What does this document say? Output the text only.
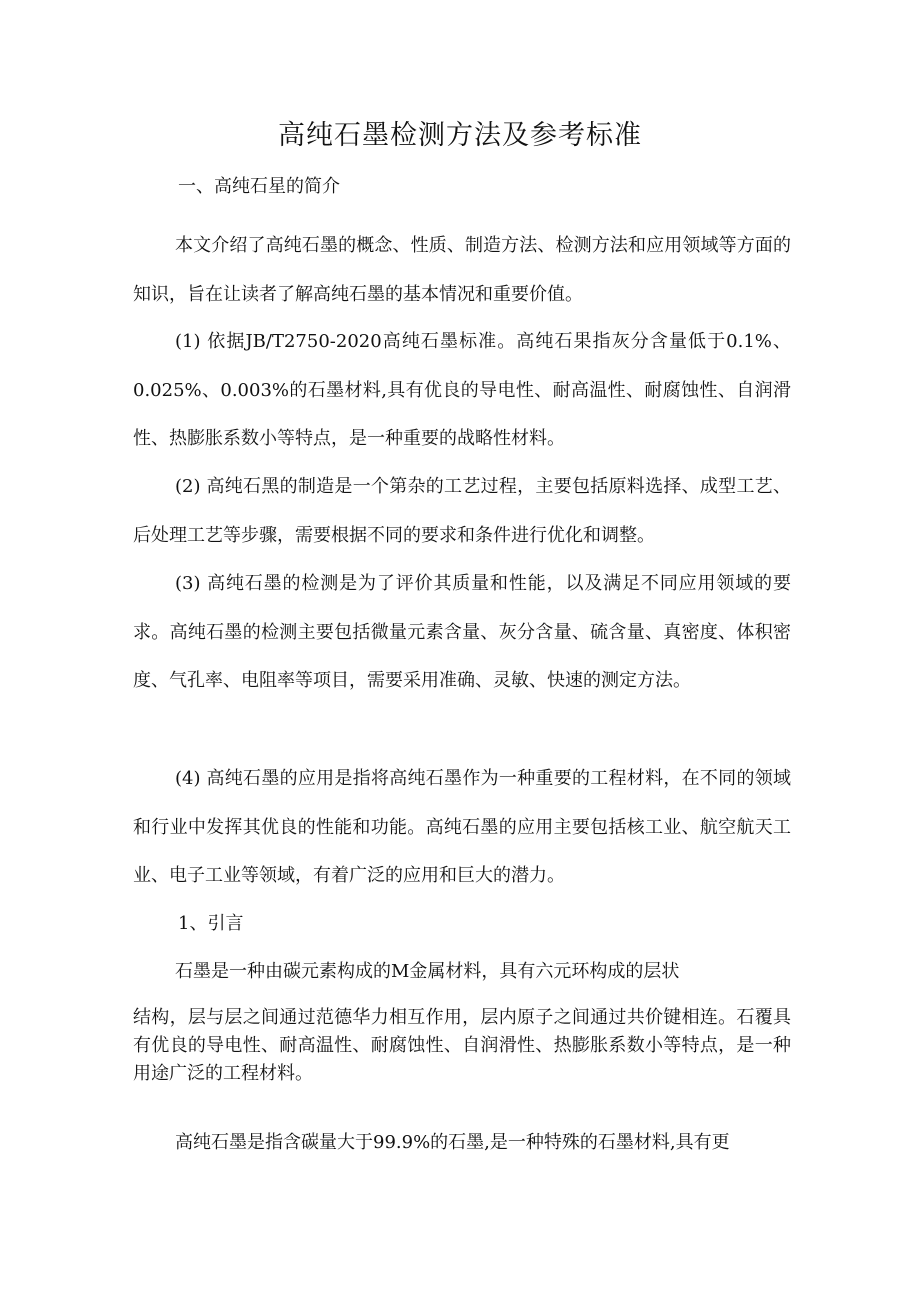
高纯石墨检测方法及参考标准
一、高纯石星的简介

本文介绍了高纯石墨的概念、性质、制造方法、检测方法和应用领域等方面的知识，旨在让读者了解高纯石墨的基本情况和重要价值。

(1) 依据JB/T2750-2020高纯石墨标准。高纯石果指灰分含量低于0.1%、0.025%、0.003%的石墨材料,具有优良的导电性、耐高温性、耐腐蚀性、自润滑性、热膨胀系数小等特点，是一种重要的战略性材料。

(2) 高纯石黑的制造是一个第杂的工艺过程，主要包括原料选择、成型工艺、后处理工艺等步骤，需要根据不同的要求和条件进行优化和调整。

(3) 高纯石墨的检测是为了评价其质量和性能，以及满足不同应用领域的要求。高纯石墨的检测主要包括微量元素含量、灰分含量、硫含量、真密度、体积密度、气孔率、电阻率等项目，需要采用准确、灵敏、快速的测定方法。

(4) 高纯石墨的应用是指将高纯石墨作为一种重要的工程材料，在不同的领域和行业中发挥其优良的性能和功能。高纯石墨的应用主要包括核工业、航空航天工业、电子工业等领域，有着广泛的应用和巨大的潜力。

1、引言
石墨是一种由碳元素构成的M金属材料，具有六元环构成的层状

结构，层与层之间通过范德华力相互作用，层内原子之间通过共价键相连。石覆具有优良的导电性、耐高温性、耐腐蚀性、自润滑性、热膨胀系数小等特点，是一种用途广泛的工程材料。

高纯石墨是指含碳量大于99.9%的石墨,是一种特殊的石墨材料,具有更
